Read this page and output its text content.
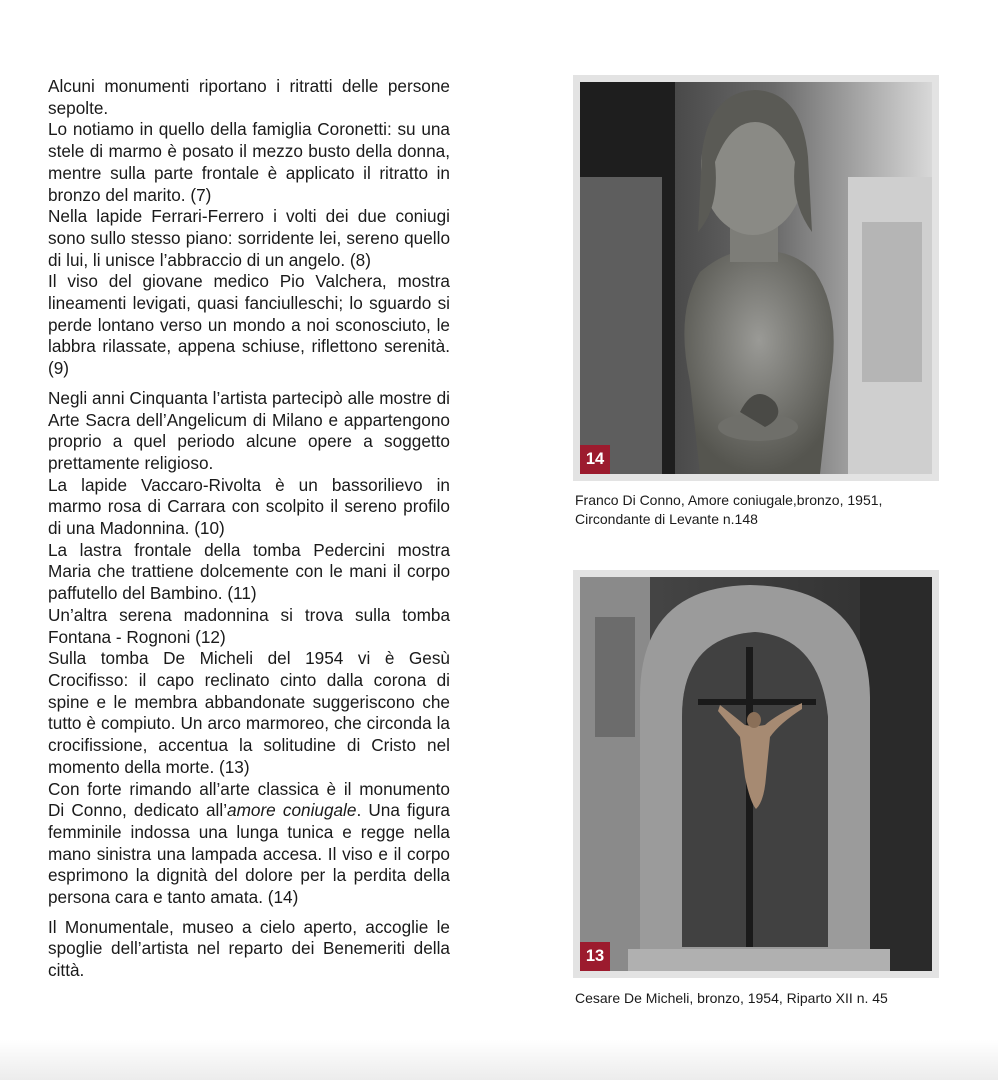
Alcuni monumenti riportano i ritratti delle persone sepolte.

Lo notiamo in quello della famiglia Coronetti: su una stele di marmo è posato il mezzo busto della donna, mentre sulla parte frontale è applicato il ritratto in bronzo del marito. (7)

Nella lapide Ferrari-Ferrero i volti dei due coniugi sono sullo stesso piano: sorridente lei, sereno quello di lui, li unisce l’abbraccio di un angelo. (8)

Il viso del giovane medico Pio Valchera, mostra lineamenti levigati, quasi fanciulleschi; lo sguardo si perde lontano verso un mondo a noi sconosciuto, le labbra rilassate, appena schiuse, riflettono serenità. (9)

Negli anni Cinquanta l’artista partecipò alle mostre di Arte Sacra dell’Angelicum di Milano e appartengono proprio a quel periodo alcune opere a soggetto prettamente religioso.

La lapide Vaccaro-Rivolta è un bassorilievo in marmo rosa di Carrara con scolpito il sereno profilo di una Madonnina. (10)

La lastra frontale della tomba Pedercini mostra Maria che trattiene dolcemente con le mani il corpo paffutello del Bambino. (11)

Un’altra serena madonnina si trova sulla tomba Fontana - Rognoni (12)

Sulla tomba De Micheli del 1954 vi è Gesù Crocifisso: il capo reclinato cinto dalla corona di spine e le membra abbandonate suggeriscono che tutto è compiuto. Un arco marmoreo, che circonda la crocifissione, accentua la solitudine di Cristo nel momento della morte. (13)

Con forte rimando all’arte classica è il monumento Di Conno, dedicato all’amore coniugale. Una figura femminile indossa una lunga tunica e regge nella mano sinistra una lampada accesa. Il viso e il corpo esprimono la dignità del dolore per la perdita della persona cara e tanto amata. (14)

Il Monumentale, museo a cielo aperto, accoglie le spoglie dell’artista nel reparto dei Benemeriti della città.

14
Franco Di Conno, Amore coniugale,bronzo, 1951,
Circondante di Levante n.148
13
Cesare De Micheli, bronzo, 1954, Riparto XII n. 45
